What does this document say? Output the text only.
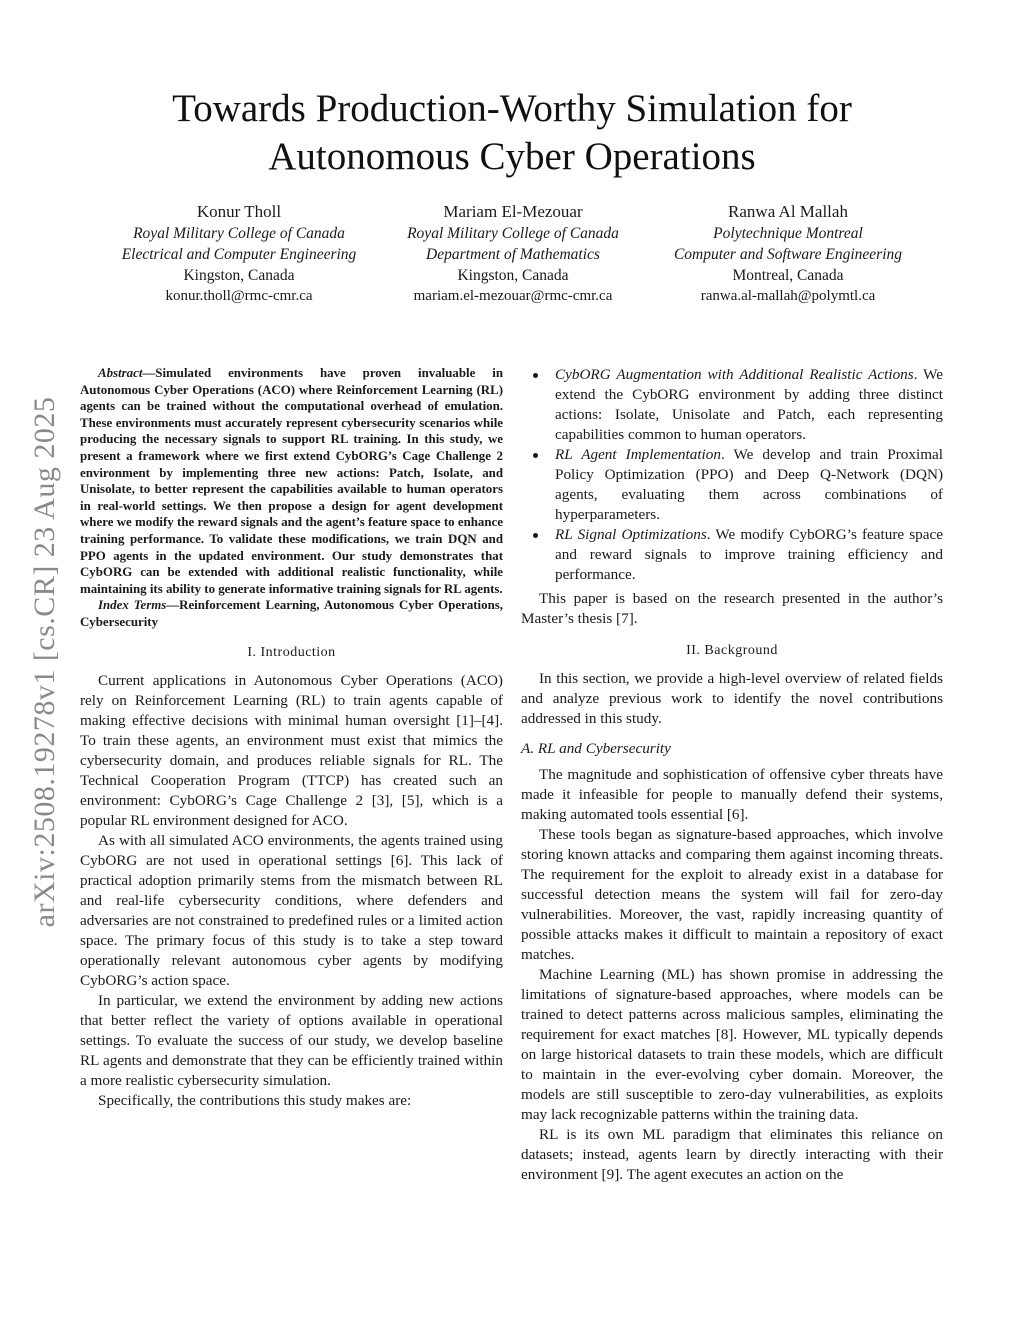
arXiv:2508.19278v1 [cs.CR] 23 Aug 2025
Towards Production-Worthy Simulation for Autonomous Cyber Operations
Konur Tholl
Royal Military College of Canada
Electrical and Computer Engineering
Kingston, Canada
konur.tholl@rmc-cmr.ca
Mariam El-Mezouar
Royal Military College of Canada
Department of Mathematics
Kingston, Canada
mariam.el-mezouar@rmc-cmr.ca
Ranwa Al Mallah
Polytechnique Montreal
Computer and Software Engineering
Montreal, Canada
ranwa.al-mallah@polymtl.ca

Abstract—Simulated environments have proven invaluable in Autonomous Cyber Operations (ACO) where Reinforcement Learning (RL) agents can be trained without the computational overhead of emulation. These environments must accurately represent cybersecurity scenarios while producing the necessary signals to support RL training. In this study, we present a framework where we first extend CybORG’s Cage Challenge 2 environment by implementing three new actions: Patch, Isolate, and Unisolate, to better represent the capabilities available to human operators in real-world settings. We then propose a design for agent development where we modify the reward signals and the agent’s feature space to enhance training performance. To validate these modifications, we train DQN and PPO agents in the updated environment. Our study demonstrates that CybORG can be extended with additional realistic functionality, while maintaining its ability to generate informative training signals for RL agents.

Index Terms—Reinforcement Learning, Autonomous Cyber Operations, Cybersecurity

I. Introduction

Current applications in Autonomous Cyber Operations (ACO) rely on Reinforcement Learning (RL) to train agents capable of making effective decisions with minimal human oversight [1]–[4]. To train these agents, an environment must exist that mimics the cybersecurity domain, and produces reliable signals for RL. The Technical Cooperation Program (TTCP) has created such an environment: CybORG’s Cage Challenge 2 [3], [5], which is a popular RL environment designed for ACO.

As with all simulated ACO environments, the agents trained using CybORG are not used in operational settings [6]. This lack of practical adoption primarily stems from the mismatch between RL and real-life cybersecurity conditions, where defenders and adversaries are not constrained to predefined rules or a limited action space. The primary focus of this study is to take a step toward operationally relevant autonomous cyber agents by modifying CybORG’s action space.

In particular, we extend the environment by adding new actions that better reflect the variety of options available in operational settings. To evaluate the success of our study, we develop baseline RL agents and demonstrate that they can be efficiently trained within a more realistic cybersecurity simulation.

Specifically, the contributions this study makes are:

CybORG Augmentation with Additional Realistic Actions. We extend the CybORG environment by adding three distinct actions: Isolate, Unisolate and Patch, each representing capabilities common to human operators.
RL Agent Implementation. We develop and train Proximal Policy Optimization (PPO) and Deep Q-Network (DQN) agents, evaluating them across combinations of hyperparameters.
RL Signal Optimizations. We modify CybORG’s feature space and reward signals to improve training efficiency and performance.

This paper is based on the research presented in the author’s Master’s thesis [7].

II. Background

In this section, we provide a high-level overview of related fields and analyze previous work to identify the novel contributions addressed in this study.

A. RL and Cybersecurity

The magnitude and sophistication of offensive cyber threats have made it infeasible for people to manually defend their systems, making automated tools essential [6].

These tools began as signature-based approaches, which involve storing known attacks and comparing them against incoming threats. The requirement for the exploit to already exist in a database for successful detection means the system will fail for zero-day vulnerabilities. Moreover, the vast, rapidly increasing quantity of possible attacks makes it difficult to maintain a repository of exact matches.

Machine Learning (ML) has shown promise in addressing the limitations of signature-based approaches, where models can be trained to detect patterns across malicious samples, eliminating the requirement for exact matches [8]. However, ML typically depends on large historical datasets to train these models, which are difficult to maintain in the ever-evolving cyber domain. Moreover, the models are still susceptible to zero-day vulnerabilities, as exploits may lack recognizable patterns within the training data.

RL is its own ML paradigm that eliminates this reliance on datasets; instead, agents learn by directly interacting with their environment [9]. The agent executes an action on the
